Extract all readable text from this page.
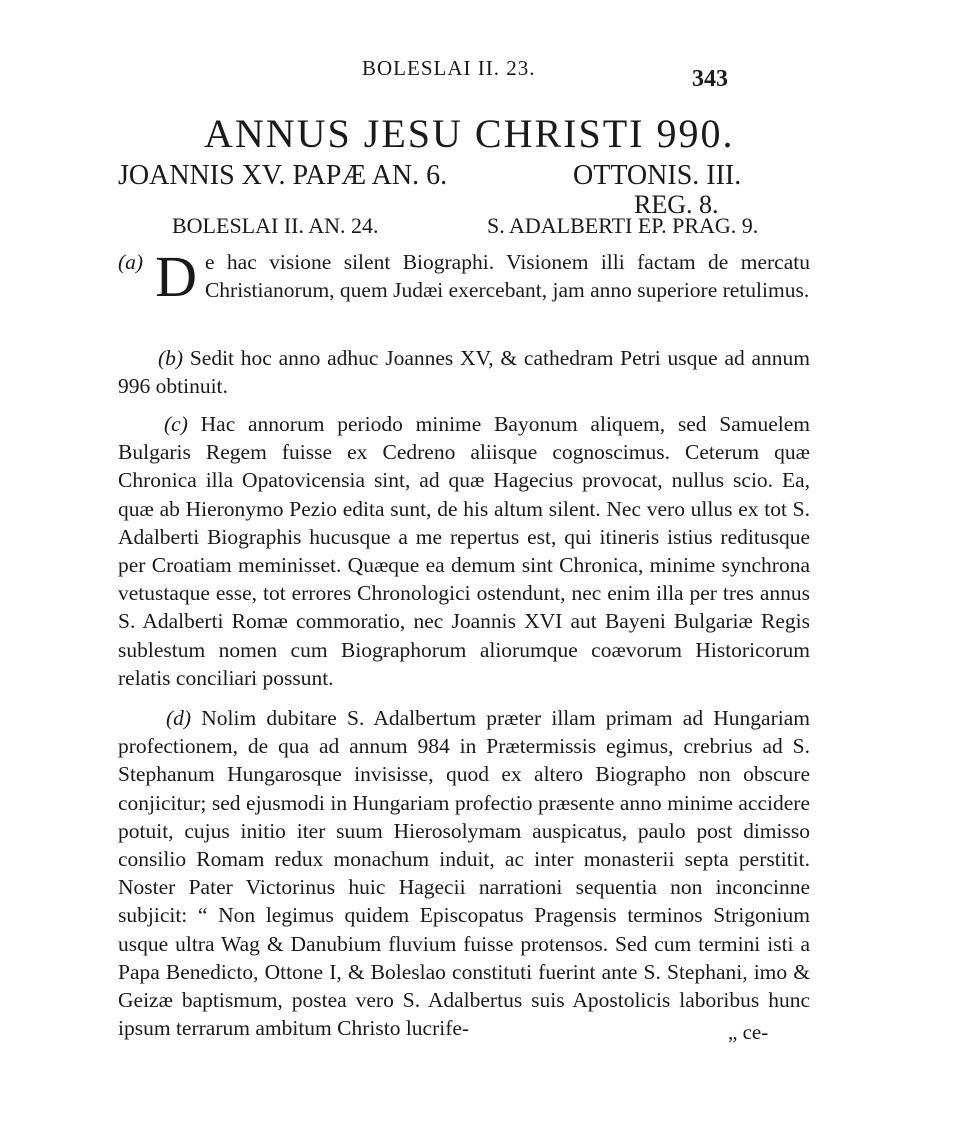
BOLESLAI II. 23.	343
ANNUS JESU CHRISTI 990.
JOANNIS XV. PAPÆ AN. 6.	OTTONIS. III.
REG. 8.
BOLESLAI II. AN. 24.	S. ADALBERTI EP. PRAG. 9.
(a) D e hac visione silent Biographi. Visionem illi factam de mercatu Christianorum, quem Judæi exercebant, jam anno superiore retulimus.
(b) Sedit hoc anno adhuc Joannes XV, & cathedram Petri usque ad annum 996 obtinuit.
(c) Hac annorum periodo minime Bayonum aliquem, sed Samuelem Bulgaris Regem fuisse ex Cedreno aliisque cognoscimus. Ceterum quæ Chronica illa Opatovicensia sint, ad quæ Hagecius provocat, nullus scio. Ea, quæ ab Hieronymo Pezio edita sunt, de his altum silent. Nec vero ullus ex tot S. Adalberti Biographis hucusque a me repertus est, qui itineris istius reditusque per Croatiam meminisset. Quæque ea demum sint Chronica, minime synchrona vetustaque esse, tot errores Chronologici ostendunt, nec enim illa per tres annus S. Adalberti Romæ commoratio, nec Joannis XVI aut Bayeni Bulgariæ Regis sublestum nomen cum Biographorum aliorumque coævorum Historicorum relatis conciliari possunt.
(d) Nolim dubitare S. Adalbertum præter illam primam ad Hungariam profectionem, de qua ad annum 984 in Prætermissis egimus, crebrius ad S. Stephanum Hungarosque invisisse, quod ex altero Biographo non obscure conjicitur; sed ejusmodi in Hungariam profectio præsente anno minime accidere potuit, cujus initio iter suum Hierosolymam auspicatus, paulo post dimisso consilio Romam redux monachum induit, ac inter monasterii septa perstitit. Noster Pater Victorinus huic Hagecii narrationi sequentia non inconcinne subjicit: “ Non legimus quidem Episcopatus Pragensis terminos Strigonium usque ultra Wag & Danubium fluvium fuisse protensos. Sed cum termini isti a Papa Benedicto, Ottone I, & Boleslao constituti fuerint ante S. Stephani, imo & Geizæ baptismum, postea vero S. Adalbertus suis Apostolicis laboribus hunc ipsum terrarum ambitum Christo lucrife-	„ ce-
